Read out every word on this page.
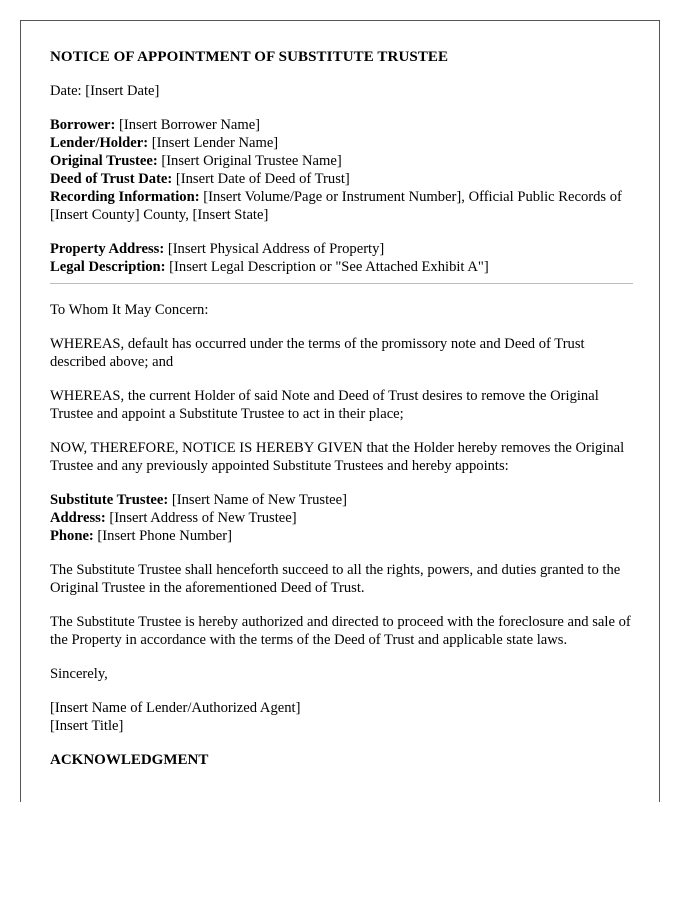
NOTICE OF APPOINTMENT OF SUBSTITUTE TRUSTEE

Date: [Insert Date]

Borrower: [Insert Borrower Name]
Lender/Holder: [Insert Lender Name]
Original Trustee: [Insert Original Trustee Name]
Deed of Trust Date: [Insert Date of Deed of Trust]
Recording Information: [Insert Volume/Page or Instrument Number], Official Public Records of [Insert County] County, [Insert State]
Property Address: [Insert Physical Address of Property]
Legal Description: [Insert Legal Description or "See Attached Exhibit A"]

To Whom It May Concern:

WHEREAS, default has occurred under the terms of the promissory note and Deed of Trust described above; and

WHEREAS, the current Holder of said Note and Deed of Trust desires to remove the Original Trustee and appoint a Substitute Trustee to act in their place;

NOW, THEREFORE, NOTICE IS HEREBY GIVEN that the Holder hereby removes the Original Trustee and any previously appointed Substitute Trustees and hereby appoints:

Substitute Trustee: [Insert Name of New Trustee]
Address: [Insert Address of New Trustee]
Phone: [Insert Phone Number]

The Substitute Trustee shall henceforth succeed to all the rights, powers, and duties granted to the Original Trustee in the aforementioned Deed of Trust.

The Substitute Trustee is hereby authorized and directed to proceed with the foreclosure and sale of the Property in accordance with the terms of the Deed of Trust and applicable state laws.

Sincerely,

[Insert Name of Lender/Authorized Agent]
[Insert Title]
ACKNOWLEDGMENT
